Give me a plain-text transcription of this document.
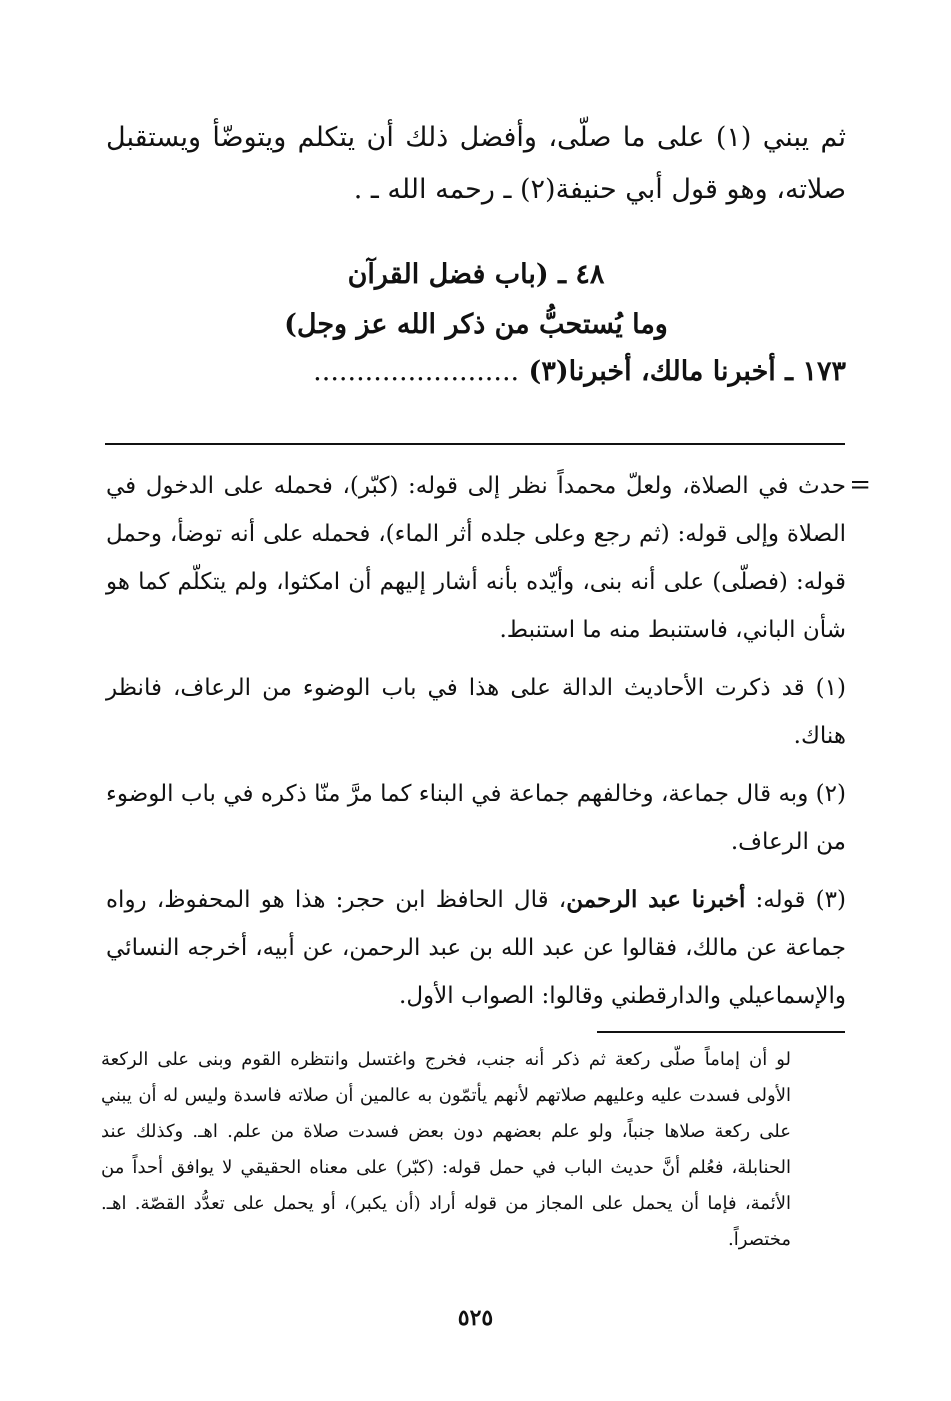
ثم يبني (١) على ما صلّى، وأفضل ذلك أن يتكلم ويتوضّأ ويستقبل صلاته، وهو قول أبي حنيفة(٢) ـ رحمه الله ـ .

٤٨ ـ (باب فضل القرآن
وما يُستحبُّ من ذكر الله عز وجل)
١٧٣ ـ أخبرنا مالك، أخبرنا(٣) ........................
=

حدث في الصلاة، ولعلّ محمداً نظر إلى قوله: (كبّر)، فحمله على الدخول في الصلاة وإلى قوله: (ثم رجع وعلى جلده أثر الماء)، فحمله على أنه توضأ، وحمل قوله: (فصلّى) على أنه بنى، وأيّده بأنه أشار إليهم أن امكثوا، ولم يتكلّم كما هو شأن الباني، فاستنبط منه ما استنبط.

(١) قد ذكرت الأحاديث الدالة على هذا في باب الوضوء من الرعاف، فانظر هناك.

(٢) وبه قال جماعة، وخالفهم جماعة في البناء كما مرَّ منّا ذكره في باب الوضوء من الرعاف.

(٣) قوله: أخبرنا عبد الرحمن، قال الحافظ ابن حجر: هذا هو المحفوظ، رواه جماعة عن مالك، فقالوا عن عبد الله بن عبد الرحمن، عن أبيه، أخرجه النسائي والإسماعيلي والدارقطني وقالوا: الصواب الأول.

لو أن إماماً صلّى ركعة ثم ذكر أنه جنب، فخرج واغتسل وانتظره القوم وبنى على الركعة الأولى فسدت عليه وعليهم صلاتهم لأنهم يأتمّون به عالمين أن صلاته فاسدة وليس له أن يبني على ركعة صلاها جنباً، ولو علم بعضهم دون بعض فسدت صلاة من علم. اهـ. وكذلك عند الحنابلة، فعُلم أنَّ حديث الباب في حمل قوله: (كبّر) على معناه الحقيقي لا يوافق أحداً من الأئمة، فإما أن يحمل على المجاز من قوله أراد (أن يكبر)، أو يحمل على تعدُّد القصّة. اهـ. مختصراً.

٥٢٥
